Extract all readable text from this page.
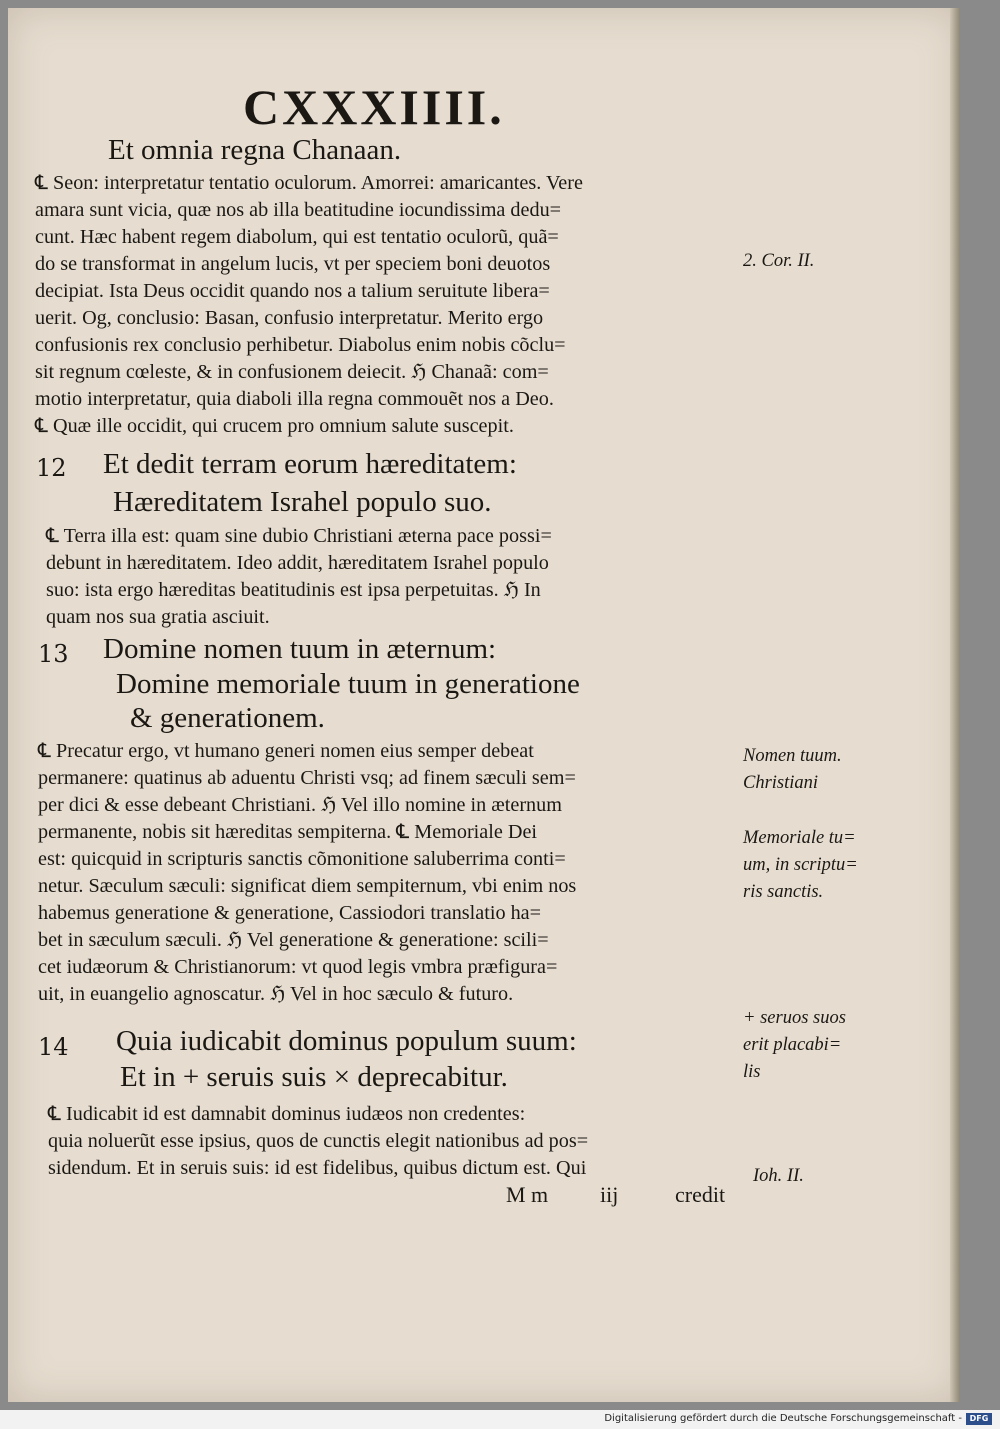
CXXXIIII.
Et omnia regna Chanaan.
℄ Seon: interpretatur tentatio oculorum. Amorrei: amaricantes. Vere
amara sunt vicia, quæ nos ab illa beatitudine iocundissima dedu=
cunt. Hæc habent regem diabolum, qui est tentatio oculorũ, quã=
do se transformat in angelum lucis, vt per speciem boni deuotos
decipiat. Ista Deus occidit quando nos a talium seruitute libera=
uerit. Og, conclusio: Basan, confusio interpretatur. Merito ergo
confusionis rex conclusio perhibetur. Diabolus enim nobis cõclu=
sit regnum cœleste, & in confusionem deiecit. ℌ Chanaã: com=
motio interpretatur, quia diaboli illa regna commouẽt nos a Deo.
℄ Quæ ille occidit, qui crucem pro omnium salute suscepit.
2. Cor. II.
12 Et dedit terram eorum hæreditatem:
Hæreditatem Israhel populo suo.
℄ Terra illa est: quam sine dubio Christiani æterna pace possi=
debunt in hæreditatem. Ideo addit, hæreditatem Israhel populo
suo: ista ergo hæreditas beatitudinis est ipsa perpetuitas. ℌ In
quam nos sua gratia asciuit.
13 Domine nomen tuum in æternum:
Domine memoriale tuum in generatione
& generationem.
℄ Precatur ergo, vt humano generi nomen eius semper debeat
permanere: quatinus ab aduentu Christi vsq; ad finem sæculi sem=
per dici & esse debeant Christiani. ℌ Vel illo nomine in æternum
permanente, nobis sit hæreditas sempiterna. ℄ Memoriale Dei
est: quicquid in scripturis sanctis cõmonitione saluberrima conti=
netur. Sæculum sæculi: significat diem sempiternum, vbi enim nos
habemus generatione & generatione, Cassiodori translatio ha=
bet in sæculum sæculi. ℌ Vel generatione & generatione: scili=
cet iudæorum & Christianorum: vt quod legis vmbra præfigura=
uit, in euangelio agnoscatur. ℌ Vel in hoc sæculo & futuro.
Nomen tuum.
Christiani
Memoriale tu=
um, in scriptu=
ris sanctis.
14 Quia iudicabit dominus populum suum:
Et in + seruis suis × deprecabitur.
+ seruos suos
erit placabi=
lis
℄ Iudicabit id est damnabit dominus iudæos non credentes:
quia noluerũt esse ipsius, quos de cunctis elegit nationibus ad pos=
sidendum. Et in seruis suis: id est fidelibus, quibus dictum est. Qui	Ioh. II.
M m iij	credit
Digitalisierung gefördert durch die Deutsche Forschungsgemeinschaft - DFG
